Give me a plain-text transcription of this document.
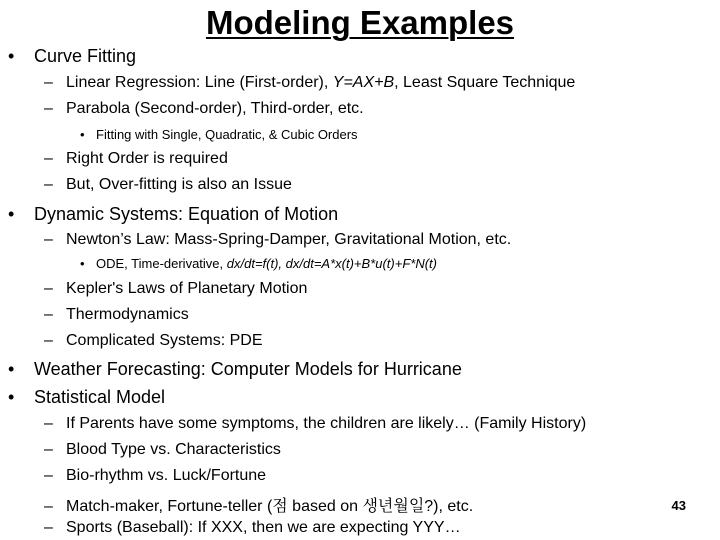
Modeling Examples
• Curve Fitting
– Linear Regression: Line (First-order), Y=AX+B, Least Square Technique
– Parabola (Second-order), Third-order, etc.
• Fitting with Single, Quadratic, & Cubic Orders
– Right Order is required
– But, Over-fitting is also an Issue
• Dynamic Systems: Equation of Motion
– Newton’s Law: Mass-Spring-Damper, Gravitational Motion, etc.
• ODE, Time-derivative, dx/dt=f(t), dx/dt=A*x(t)+B*u(t)+F*N(t)
– Kepler's Laws of Planetary Motion
– Thermodynamics
– Complicated Systems: PDE
• Weather Forecasting: Computer Models for Hurricane
• Statistical Model
– If Parents have some symptoms, the children are likely… (Family History)
– Blood Type vs. Characteristics
– Bio-rhythm vs. Luck/Fortune
– Match-maker, Fortune-teller (점 based on 생년월일?), etc.
– Sports (Baseball): If XXX, then we are expecting YYY…
43
